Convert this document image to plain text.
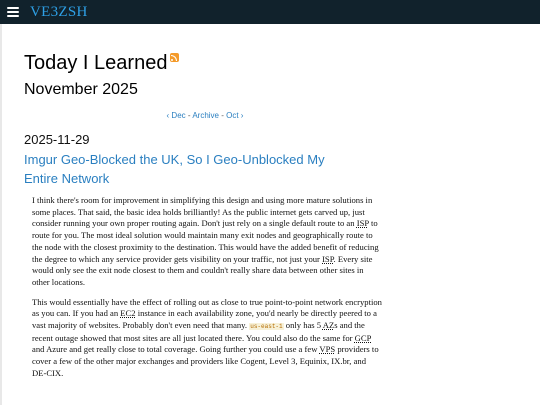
VE3ZSH
Today I Learned
November 2025
‹ Dec - Archive - Oct ›
2025-11-29
Imgur Geo-Blocked the UK, So I Geo-Unblocked My Entire Network

I think there's room for improvement in simplifying this design and using more mature solutions in some places. That said, the basic idea holds brilliantly! As the public internet gets carved up, just consider running your own proper routing again. Don't just rely on a single default route to an ISP to route for you. The most ideal solution would maintain many exit nodes and geographically route to the node with the closest proximity to the destination. This would have the added benefit of reducing the degree to which any service provider gets visibility on your traffic, not just your ISP. Every site would only see the exit node closest to them and couldn't really share data between other sites in other locations.

This would essentially have the effect of rolling out as close to true point-to-point network encryption as you can. If you had an EC2 instance in each availability zone, you'd nearly be directly peered to a vast majority of websites. Probably don't even need that many. us-east-1 only has 5 AZs and the recent outage showed that most sites are all just located there. You could also do the same for GCP and Azure and get really close to total coverage. Going further you could use a few VPS providers to cover a few of the other major exchanges and providers like Cogent, Level 3, Equinix, IX.br, and DE-CIX.
